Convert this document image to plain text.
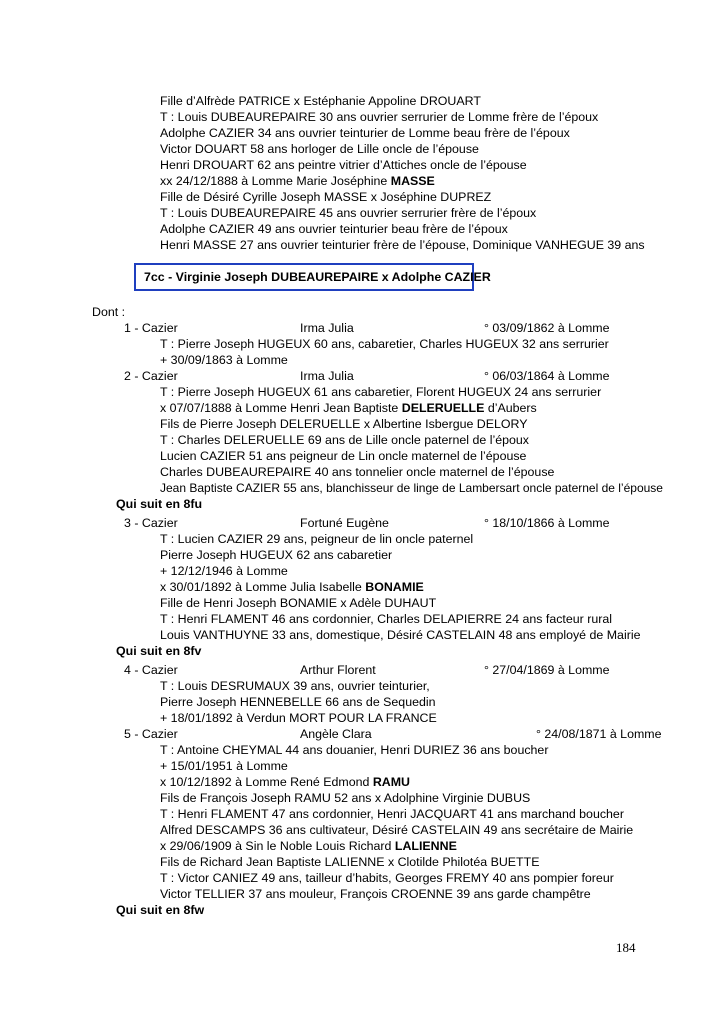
Fille d’Alfrède PATRICE x Estéphanie Appoline DROUART
T : Louis DUBEAUREPAIRE 30 ans ouvrier serrurier de Lomme frère de l’époux
Adolphe CAZIER 34 ans ouvrier teinturier de Lomme beau frère de l’époux
Victor DOUART 58 ans horloger de Lille oncle de l’épouse
Henri DROUART 62 ans peintre vitrier d’Attiches oncle de l’épouse
xx 24/12/1888 à Lomme Marie Joséphine MASSE
Fille de Désiré Cyrille Joseph MASSE x Joséphine DUPREZ
T : Louis DUBEAUREPAIRE 45 ans ouvrier serrurier frère de l’époux
Adolphe CAZIER 49 ans ouvrier teinturier beau frère de l’époux
Henri MASSE 27 ans ouvrier teinturier frère de l’épouse, Dominique VANHEGUE 39 ans
7cc - Virginie Joseph DUBEAUREPAIRE x Adolphe CAZIER
Dont :
1 - Cazier	Irma Julia	° 03/09/1862 à Lomme
T : Pierre Joseph HUGEUX 60 ans, cabaretier, Charles HUGEUX 32 ans serrurier
+ 30/09/1863 à Lomme
2 - Cazier	Irma Julia	° 06/03/1864 à Lomme
T : Pierre Joseph HUGEUX 61 ans cabaretier, Florent HUGEUX 24 ans serrurier
x 07/07/1888 à Lomme Henri Jean Baptiste DELERUELLE d’Aubers
Fils de Pierre Joseph DELERUELLE x Albertine Isbergue DELORY
T : Charles DELERUELLE 69 ans de Lille oncle paternel de l’époux
Lucien CAZIER 51 ans peigneur de Lin oncle maternel de l’épouse
Charles DUBEAUREPAIRE 40 ans tonnelier oncle maternel de l’épouse
Jean Baptiste CAZIER 55 ans, blanchisseur de linge de Lambersart oncle paternel de l’épouse
Qui suit en 8fu
3 - Cazier	Fortuné Eugène	° 18/10/1866 à Lomme
T : Lucien CAZIER 29 ans, peigneur de lin oncle paternel
Pierre Joseph HUGEUX 62 ans cabaretier
+ 12/12/1946 à Lomme
x 30/01/1892 à Lomme Julia Isabelle BONAMIE
Fille de Henri Joseph BONAMIE x Adèle DUHAUT
T : Henri FLAMENT 46 ans cordonnier, Charles DELAPIERRE 24 ans facteur rural
Louis VANTHUYNE 33 ans, domestique, Désiré CASTELAIN 48 ans employé de Mairie
Qui suit en 8fv
4 - Cazier	Arthur Florent	° 27/04/1869 à Lomme
T : Louis DESRUMAUX 39 ans, ouvrier teinturier,
Pierre Joseph HENNEBELLE 66 ans de Sequedin
+ 18/01/1892 à Verdun MORT POUR LA FRANCE
5 - Cazier	Angèle Clara	° 24/08/1871 à Lomme
T : Antoine CHEYMAL 44 ans douanier, Henri DURIEZ 36 ans boucher
+ 15/01/1951 à Lomme
x 10/12/1892 à Lomme René Edmond RAMU
Fils de François Joseph RAMU 52 ans x Adolphine Virginie DUBUS
T : Henri FLAMENT 47 ans cordonnier, Henri JACQUART 41 ans marchand boucher
Alfred DESCAMPS 36 ans cultivateur, Désiré CASTELAIN 49 ans secrétaire de Mairie
x 29/06/1909 à Sin le Noble Louis Richard LALIENNE
Fils de Richard Jean Baptiste LALIENNE x Clotilde Philotéa BUETTE
T : Victor CANIEZ 49 ans, tailleur d’habits, Georges FREMY 40 ans pompier foreur
Victor TELLIER 37 ans mouleur, François CROENNE 39 ans garde champêtre
Qui suit en 8fw
184
